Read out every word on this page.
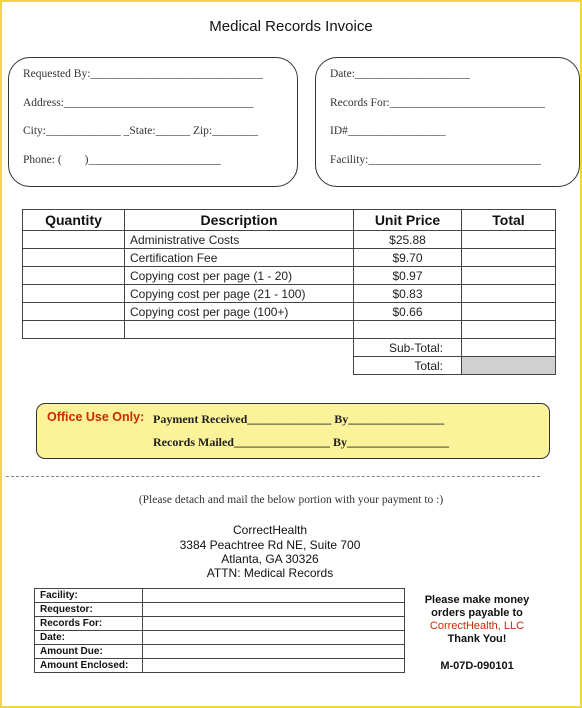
Medical Records Invoice

Requested By:______________________________

Address:_________________________________

City:_____________ _State:______ Zip:________

Phone: (        )_______________________

Date:____________________

Records For:___________________________

ID#_________________

Facility:______________________________

Quantity	Description	Unit Price	Total
	Administrative Costs	$25.88	
	Certification Fee	$9.70	
	Copying cost per page (1 - 20)	$0.97	
	Copying cost per page (21 - 100)	$0.83	
	Copying cost per page (100+)	$0.66	

		Sub-Total:	
		Total:	
Office Use Only: Payment Received______________ By________________

Records Mailed________________ By_________________

(Please detach and mail the below portion with your payment to :)
CorrectHealth
3384 Peachtree Rd NE, Suite 700
Atlanta, GA 30326
ATTN: Medical Records
Facility:	
Requestor:	
Records For:	
Date:	
Amount Due:	
Amount Enclosed:	
Please make money
orders payable to
CorrectHealth, LLC
Thank You!
M-07D-090101
